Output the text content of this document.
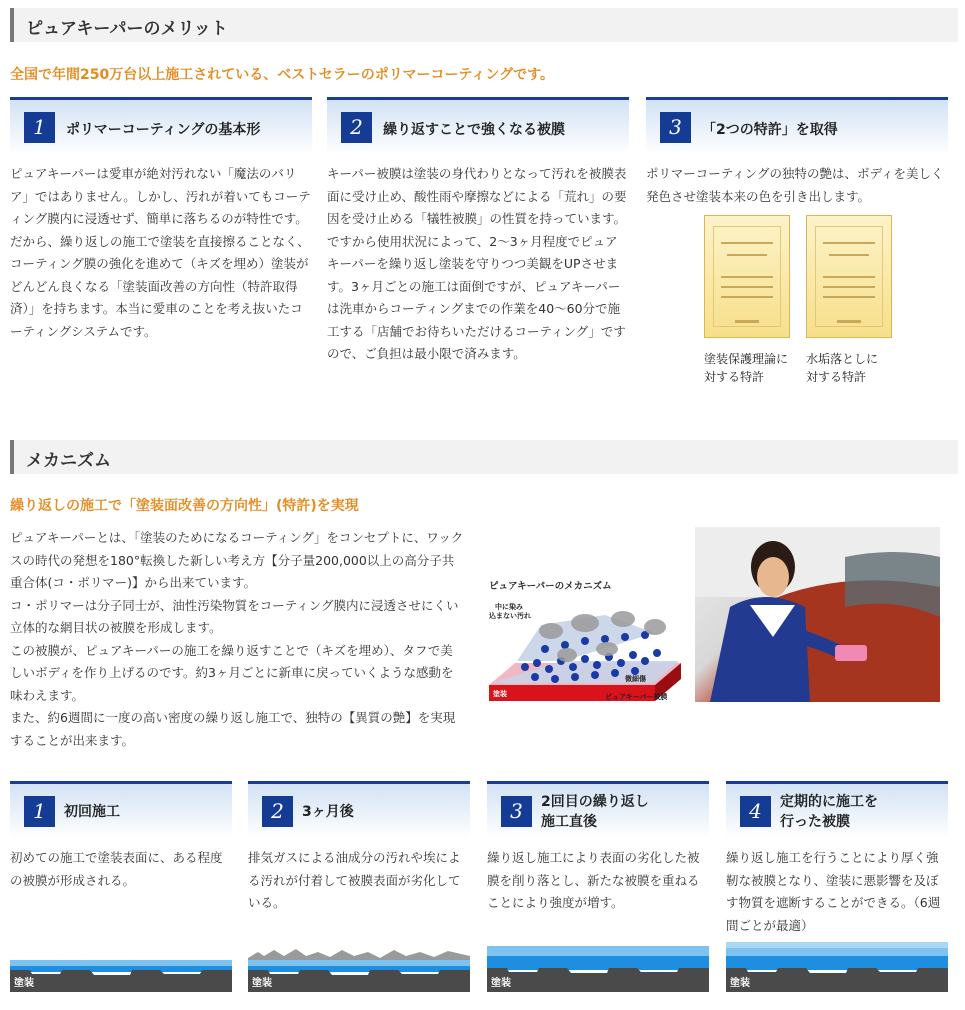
ピュアキーパーのメリット
全国で年間250万台以上施工されている、ベストセラーのポリマーコーティングです。
1	ポリマーコーティングの基本形
ピュアキーパーは愛車が絶対汚れない「魔法のバリア」ではありません。しかし、汚れが着いてもコーティング膜内に浸透せず、簡単に落ちるのが特性です。
だから、繰り返しの施工で塗装を直接擦ることなく、コーティング膜の強化を進めて（キズを埋め）塗装がどんどん良くなる「塗装面改善の方向性（特許取得済）」を持ちます。本当に愛車のことを考え抜いたコーティングシステムです。
2	繰り返すことで強くなる被膜
キーパー被膜は塗装の身代わりとなって汚れを被膜表面に受け止め、酸性雨や摩擦などによる「荒れ」の要因を受け止める「犠牲被膜」の性質を持っています。
ですから使用状況によって、2〜3ヶ月程度でピュアキーパーを繰り返し塗装を守りつつ美観をUPさせます。3ヶ月ごとの施工は面倒ですが、ピュアキーパーは洗車からコーティングまでの作業を40〜60分で施工する「店舗でお待ちいただけるコーティング」ですので、ご負担は最小限で済みます。
3	「2つの特許」を取得
ポリマーコーティングの独特の艶は、ボディを美しく発色させ塗装本来の色を引き出します。
塗装保護理論に
対する特許
水垢落としに
対する特許
メカニズム
繰り返しの施工で「塗装面改善の方向性」(特許)を実現
ピュアキーパーとは、「塗装のためになるコーティング」をコンセプトに、ワックスの時代の発想を180°転換した新しい考え方【分子量200,000以上の高分子共重合体(コ・ポリマー)】から出来ています。
コ・ポリマーは分子同士が、油性汚染物質をコーティング膜内に浸透させにくい立体的な網目状の被膜を形成します。
この被膜が、ピュアキーパーの施工を繰り返すことで（キズを埋め）、タフで美しいボディを作り上げるのです。約3ヶ月ごとに新車に戻っていくような感動を味わえます。
また、約6週間に一度の高い密度の繰り返し施工で、独特の【異質の艶】を実現することが出来ます。
ピュアキーパーのメカニズム
中に染み込まない汚れ
微細傷
塗装	ピュアキーパー被膜
1	初回施工
初めての施工で塗装表面に、ある程度の被膜が形成される。
2	3ヶ月後
排気ガスによる油成分の汚れや埃による汚れが付着して被膜表面が劣化している。
3	2回目の繰り返し
施工直後
繰り返し施工により表面の劣化した被膜を削り落とし、新たな被膜を重ねることにより強度が増す。
4	定期的に施工を
行った被膜
繰り返し施工を行うことにより厚く強靭な被膜となり、塗装に悪影響を及ぼす物質を遮断することができる。（6週間ごとが最適）
塗装	塗装	塗装	塗装
